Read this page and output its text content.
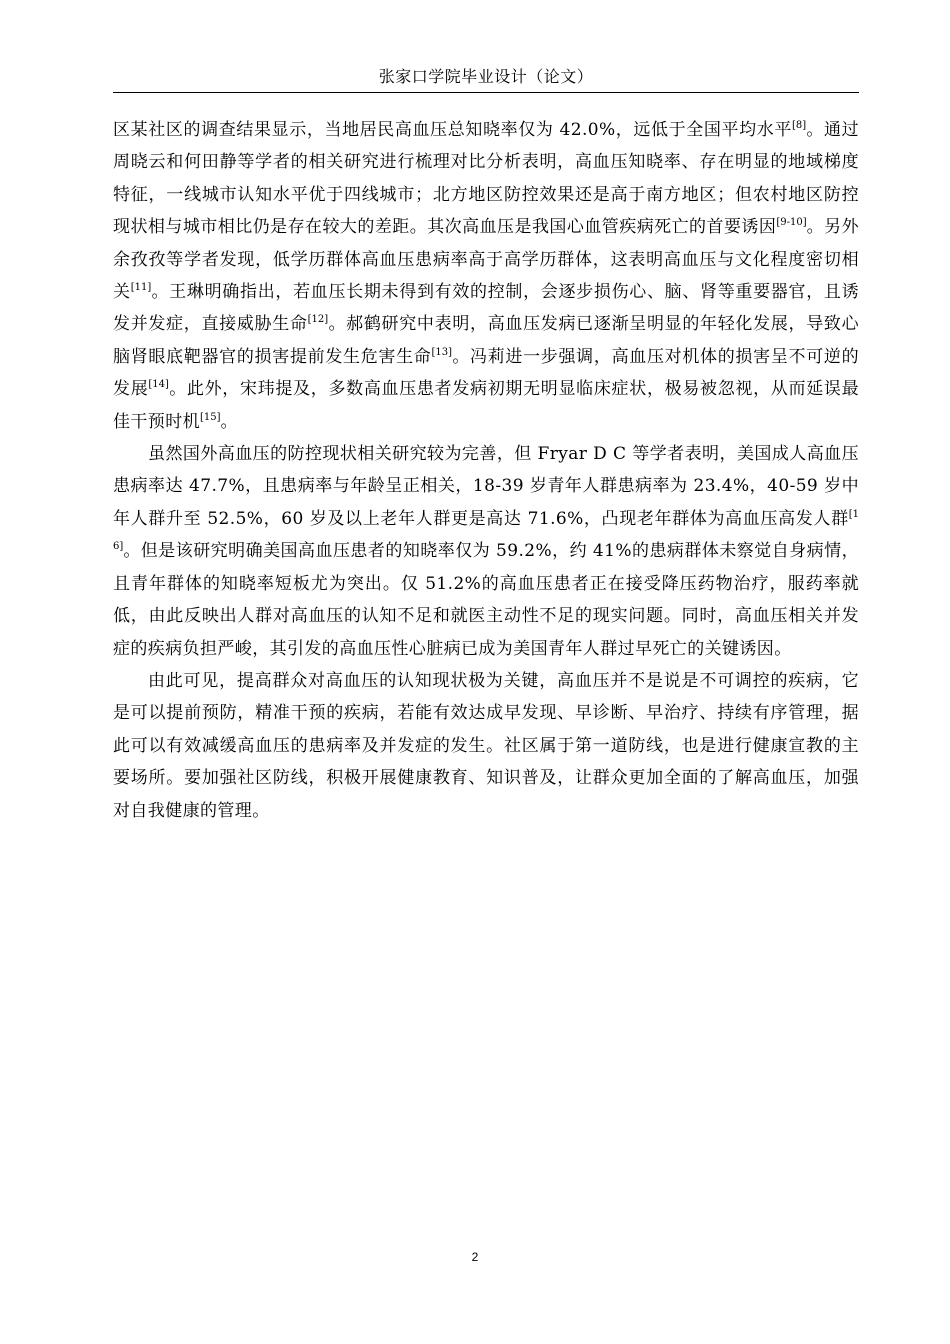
张家口学院毕业设计（论文）

区某社区的调查结果显示，当地居民高血压总知晓率仅为 42.0%，远低于全国平均水平[8]。通过周晓云和何田静等学者的相关研究进行梳理对比分析表明，高血压知晓率、存在明显的地域梯度特征，一线城市认知水平优于四线城市；北方地区防控效果还是高于南方地区；但农村地区防控现状相与城市相比仍是存在较大的差距。其次高血压是我国心血管疾病死亡的首要诱因[9-10]。另外余孜孜等学者发现，低学历群体高血压患病率高于高学历群体，这表明高血压与文化程度密切相关[11]。王琳明确指出，若血压长期未得到有效的控制，会逐步损伤心、脑、肾等重要器官，且诱发并发症，直接威胁生命[12]。郝鹤研究中表明，高血压发病已逐渐呈明显的年轻化发展，导致心脑肾眼底靶器官的损害提前发生危害生命[13]。冯莉进一步强调，高血压对机体的损害呈不可逆的发展[14]。此外，宋玮提及，多数高血压患者发病初期无明显临床症状，极易被忽视，从而延误最佳干预时机[15]。

虽然国外高血压的防控现状相关研究较为完善，但 Fryar D C 等学者表明，美国成人高血压患病率达 47.7%，且患病率与年龄呈正相关，18-39 岁青年人群患病率为 23.4%，40-59 岁中年人群升至 52.5%，60 岁及以上老年人群更是高达 71.6%，凸现老年群体为高血压高发人群[16]。但是该研究明确美国高血压患者的知晓率仅为 59.2%，约 41%的患病群体未察觉自身病情，且青年群体的知晓率短板尤为突出。仅 51.2%的高血压患者正在接受降压药物治疗，服药率就低，由此反映出人群对高血压的认知不足和就医主动性不足的现实问题。同时，高血压相关并发症的疾病负担严峻，其引发的高血压性心脏病已成为美国青年人群过早死亡的关键诱因。

由此可见，提高群众对高血压的认知现状极为关键，高血压并不是说是不可调控的疾病，它是可以提前预防，精准干预的疾病，若能有效达成早发现、早诊断、早治疗、持续有序管理，据此可以有效减缓高血压的患病率及并发症的发生。社区属于第一道防线，也是进行健康宣教的主要场所。要加强社区防线，积极开展健康教育、知识普及，让群众更加全面的了解高血压，加强对自我健康的管理。

2
